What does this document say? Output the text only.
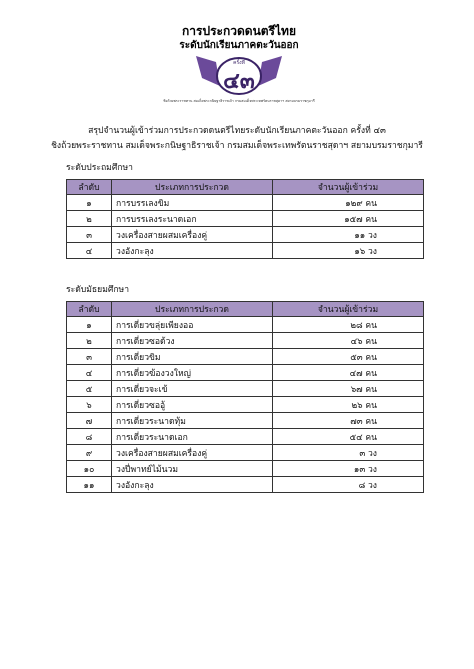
การประกวดดนตรีไทย
ระดับนักเรียนภาคตะวันออก
ครั้งที่
๔๓
ชิงถ้วยพระราชทาน สมเด็จพระกนิษฐาธิราชเจ้า กรมสมเด็จพระเทพรัตนราชสุดาฯ สยามบรมราชกุมารี
สรุปจำนวนผู้เข้าร่วมการประกวดดนตรีไทยระดับนักเรียนภาคตะวันออก ครั้งที่ ๔๓
ชิงถ้วยพระราชทาน สมเด็จพระกนิษฐาธิราชเจ้า กรมสมเด็จพระเทพรัตนราชสุดาฯ สยามบรมราชกุมารี
ระดับประถมศึกษา
ลำดับ	ประเภทการประกวด	จำนวนผู้เข้าร่วม
๑	การบรรเลงขิม	๑๒๙ คน
๒	การบรรเลงระนาดเอก	๑๕๗ คน
๓	วงเครื่องสายผสมเครื่องคู่	๑๑ วง
๔	วงอังกะลุง	๑๖ วง
ระดับมัธยมศึกษา
ลำดับ	ประเภทการประกวด	จำนวนผู้เข้าร่วม
๑	การเดี่ยวขลุ่ยเพียงออ	๒๘ คน
๒	การเดี่ยวซอด้วง	๔๖ คน
๓	การเดี่ยวขิม	๕๓ คน
๔	การเดี่ยวฆ้องวงใหญ่	๔๗ คน
๕	การเดี่ยวจะเข้	๖๗ คน
๖	การเดี่ยวซออู้	๒๖ คน
๗	การเดี่ยวระนาดทุ้ม	๗๓ คน
๘	การเดี่ยวระนาดเอก	๕๔ คน
๙	วงเครื่องสายผสมเครื่องคู่	๓ วง
๑๐	วงปี่พาทย์ไม้นวม	๑๓ วง
๑๑	วงอังกะลุง	๘ วง
